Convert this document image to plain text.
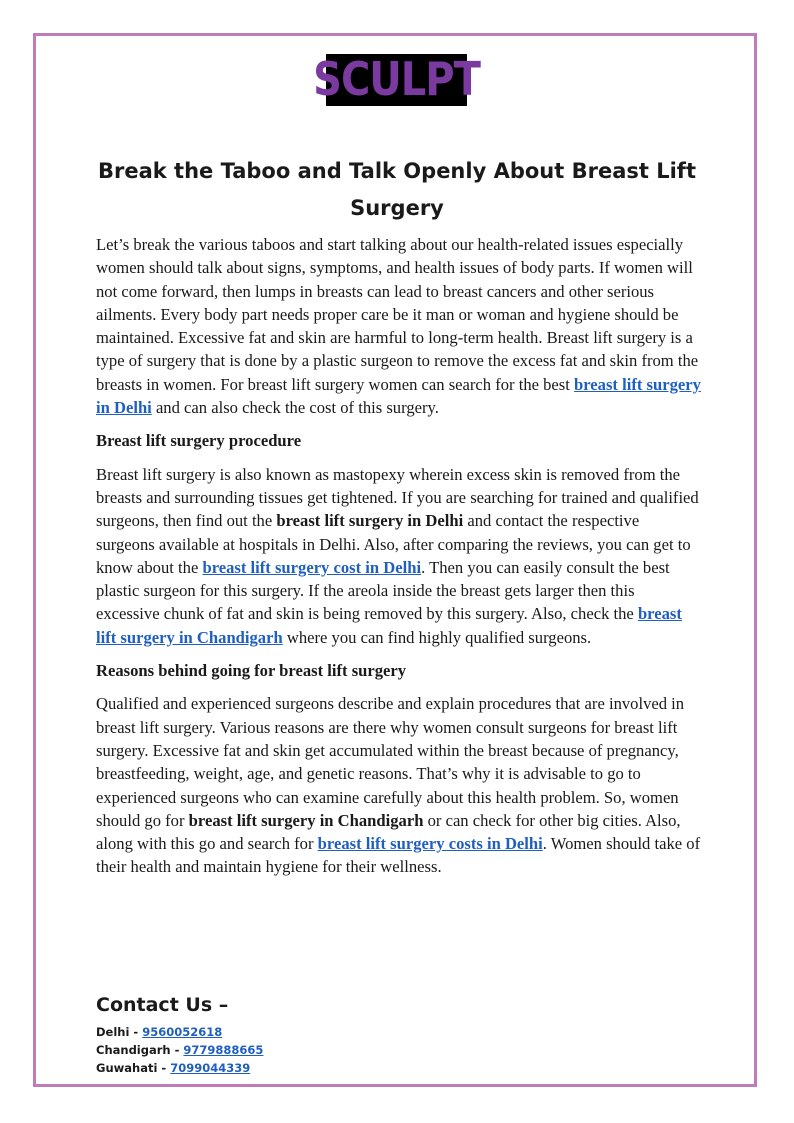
SCULPT
Break the Taboo and Talk Openly About Breast Lift Surgery

Let’s break the various taboos and start talking about our health-related issues especially women should talk about signs, symptoms, and health issues of body parts. If women will not come forward, then lumps in breasts can lead to breast cancers and other serious ailments. Every body part needs proper care be it man or woman and hygiene should be maintained. Excessive fat and skin are harmful to long-term health. Breast lift surgery is a type of surgery that is done by a plastic surgeon to remove the excess fat and skin from the breasts in women. For breast lift surgery women can search for the best breast lift surgery in Delhi and can also check the cost of this surgery.

Breast lift surgery procedure

Breast lift surgery is also known as mastopexy wherein excess skin is removed from the breasts and surrounding tissues get tightened. If you are searching for trained and qualified surgeons, then find out the breast lift surgery in Delhi and contact the respective surgeons available at hospitals in Delhi. Also, after comparing the reviews, you can get to know about the breast lift surgery cost in Delhi. Then you can easily consult the best plastic surgeon for this surgery. If the areola inside the breast gets larger then this excessive chunk of fat and skin is being removed by this surgery. Also, check the breast lift surgery in Chandigarh where you can find highly qualified surgeons.

Reasons behind going for breast lift surgery

Qualified and experienced surgeons describe and explain procedures that are involved in breast lift surgery. Various reasons are there why women consult surgeons for breast lift surgery. Excessive fat and skin get accumulated within the breast because of pregnancy, breastfeeding, weight, age, and genetic reasons. That’s why it is advisable to go to experienced surgeons who can examine carefully about this health problem. So, women should go for breast lift surgery in Chandigarh or can check for other big cities. Also, along with this go and search for breast lift surgery costs in Delhi. Women should take of their health and maintain hygiene for their wellness.

Contact Us –
Delhi - 9560052618
Chandigarh - 9779888665
Guwahati - 7099044339
